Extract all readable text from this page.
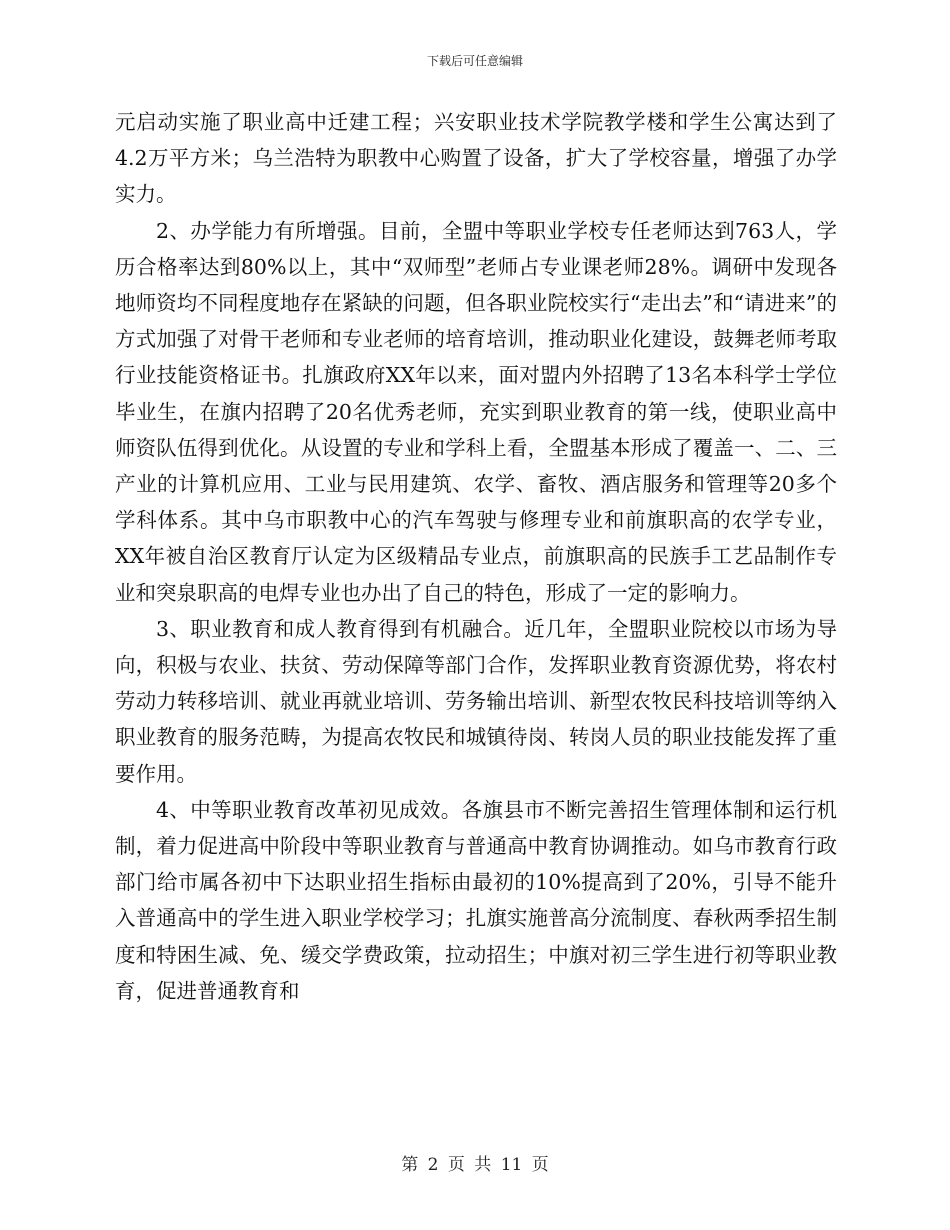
下载后可任意编辑

元启动实施了职业高中迁建工程；兴安职业技术学院教学楼和学生公寓达到了4.2万平方米；乌兰浩特为职教中心购置了设备，扩大了学校容量，增强了办学实力。

2、办学能力有所增强。目前，全盟中等职业学校专任老师达到763人，学历合格率达到80%以上，其中“双师型”老师占专业课老师28%。调研中发现各地师资均不同程度地存在紧缺的问题，但各职业院校实行“走出去”和“请进来”的方式加强了对骨干老师和专业老师的培育培训，推动职业化建设，鼓舞老师考取行业技能资格证书。扎旗政府XX年以来，面对盟内外招聘了13名本科学士学位毕业生，在旗内招聘了20名优秀老师，充实到职业教育的第一线，使职业高中师资队伍得到优化。从设置的专业和学科上看，全盟基本形成了覆盖一、二、三产业的计算机应用、工业与民用建筑、农学、畜牧、酒店服务和管理等20多个学科体系。其中乌市职教中心的汽车驾驶与修理专业和前旗职高的农学专业，XX年被自治区教育厅认定为区级精品专业点，前旗职高的民族手工艺品制作专业和突泉职高的电焊专业也办出了自己的特色，形成了一定的影响力。

3、职业教育和成人教育得到有机融合。近几年，全盟职业院校以市场为导向，积极与农业、扶贫、劳动保障等部门合作，发挥职业教育资源优势，将农村劳动力转移培训、就业再就业培训、劳务输出培训、新型农牧民科技培训等纳入职业教育的服务范畴，为提高农牧民和城镇待岗、转岗人员的职业技能发挥了重要作用。

4、中等职业教育改革初见成效。各旗县市不断完善招生管理体制和运行机制，着力促进高中阶段中等职业教育与普通高中教育协调推动。如乌市教育行政部门给市属各初中下达职业招生指标由最初的10%提高到了20%，引导不能升入普通高中的学生进入职业学校学习；扎旗实施普高分流制度、春秋两季招生制度和特困生减、免、缓交学费政策，拉动招生；中旗对初三学生进行初等职业教育，促进普通教育和

第 2 页 共 11 页
